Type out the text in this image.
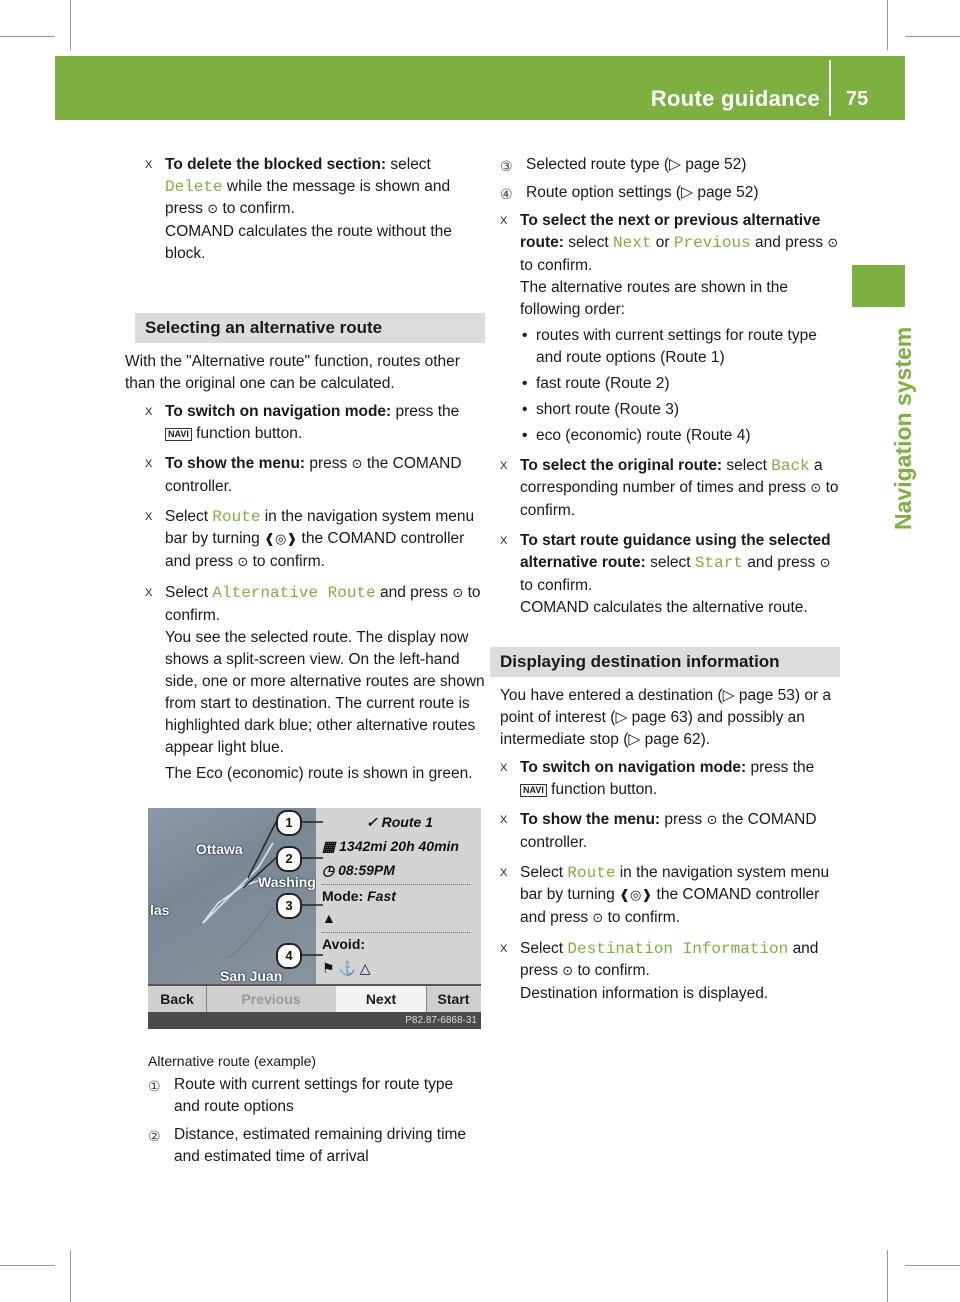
Route guidance 75
Navigation system
X To delete the blocked section: select Delete while the message is shown and press ⊙ to confirm.
COMAND calculates the route without the block.
Selecting an alternative route

With the "Alternative route" function, routes other than the original one can be calculated.

X To switch on navigation mode: press the NAVI function button.
X To show the menu: press ⊙ the COMAND controller.
X Select Route in the navigation system menu bar by turning ❰◎❱ the COMAND controller and press ⊙ to confirm.
X Select Alternative Route and press ⊙ to confirm.
You see the selected route. The display now shows a split-screen view. On the left-hand side, one or more alternative routes are shown from start to destination. The current route is highlighted dark blue; other alternative routes appear light blue.
The Eco (economic) route is shown in green.
Ottawa
Washing
las
San Juan
✓ Route 1
▦ 1342mi 20h 40min
◷ 08:59PM
Mode: Fast
▲
Avoid:
⚑ ⚓ △
Back	Previous	Next	Start
P82.87-6868-31
1
2
3
4
Alternative route (example)
① Route with current settings for route type and route options
② Distance, estimated remaining driving time and estimated time of arrival
③ Selected route type (▷ page 52)
④ Route option settings (▷ page 52)
X To select the next or previous alternative route: select Next or Previous and press ⊙ to confirm.
The alternative routes are shown in the following order:
• routes with current settings for route type and route options (Route 1)
• fast route (Route 2)
• short route (Route 3)
• eco (economic) route (Route 4)
X To select the original route: select Back a corresponding number of times and press ⊙ to confirm.
X To start route guidance using the selected alternative route: select Start and press ⊙ to confirm.
COMAND calculates the alternative route.
Displaying destination information

You have entered a destination (▷ page 53) or a point of interest (▷ page 63) and possibly an intermediate stop (▷ page 62).

X To switch on navigation mode: press the NAVI function button.
X To show the menu: press ⊙ the COMAND controller.
X Select Route in the navigation system menu bar by turning ❰◎❱ the COMAND controller and press ⊙ to confirm.
X Select Destination Information and press ⊙ to confirm.
Destination information is displayed.
